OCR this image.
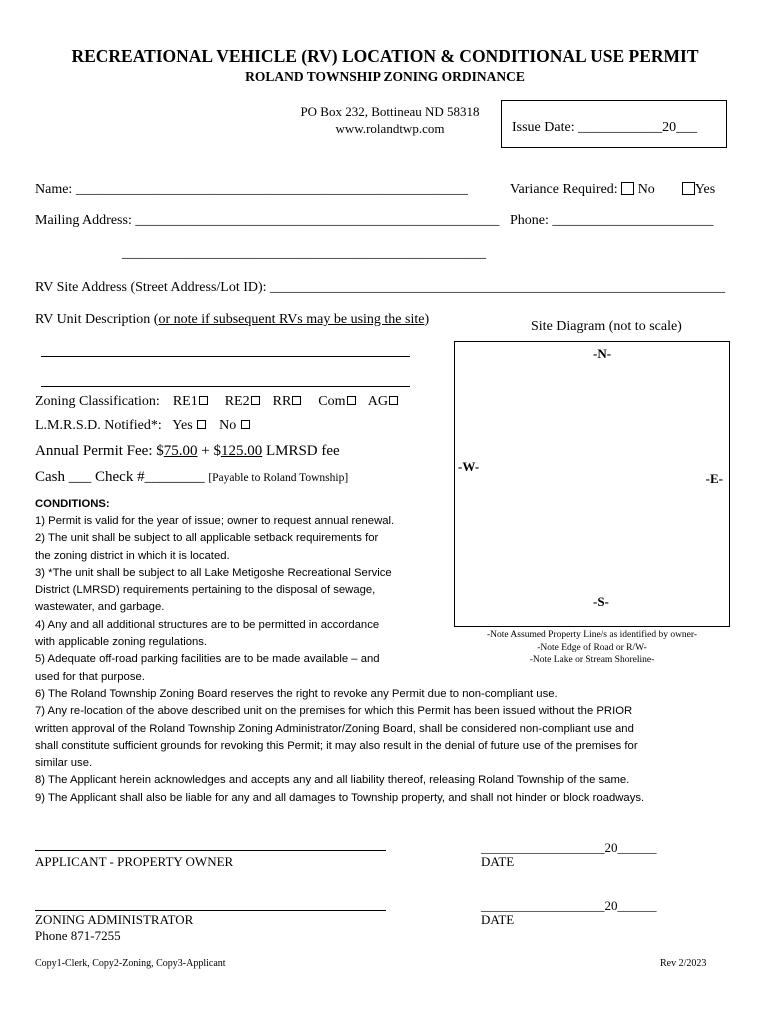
RECREATIONAL VEHICLE (RV) LOCATION & CONDITIONAL USE PERMIT
ROLAND TOWNSHIP ZONING ORDINANCE
PO Box 232, Bottineau ND 58318
www.rolandtwp.com	Issue Date: ____________20___
Name: ________________________________________________________
Mailing Address: ____________________________________________________
____________________________________________________
Variance Required: No	Yes
Phone: _______________________
RV Site Address (Street Address/Lot ID): _________________________________________________________________
RV Unit Description (or note if subsequent RVs may be using the site)
Zoning Classification: RE1 RE2 RR Com AG
L.M.R.S.D. Notified*: Yes No
Annual Permit Fee: $75.00 + $125.00 LMRSD fee
Cash ___ Check #________ [Payable to Roland Township]
Site Diagram (not to scale)
-N-
-W-
-E-
-S-
-Note Assumed Property Line/s as identified by owner-
-Note Edge of Road or R/W-
-Note Lake or Stream Shoreline-
CONDITIONS:
1) Permit is valid for the year of issue; owner to request annual renewal.
2) The unit shall be subject to all applicable setback requirements for
the zoning district in which it is located.
3) *The unit shall be subject to all Lake Metigoshe Recreational Service
District (LMRSD) requirements pertaining to the disposal of sewage,
wastewater, and garbage.
4) Any and all additional structures are to be permitted in accordance
with applicable zoning regulations.
5) Adequate off-road parking facilities are to be made available – and
used for that purpose.
6) The Roland Township Zoning Board reserves the right to revoke any Permit due to non-compliant use.
7) Any re-location of the above described unit on the premises for which this Permit has been issued without the PRIOR
written approval of the Roland Township Zoning Administrator/Zoning Board, shall be considered non-compliant use and
shall constitute sufficient grounds for revoking this Permit; it may also result in the denial of future use of the premises for
similar use.
8) The Applicant herein acknowledges and accepts any and all liability thereof, releasing Roland Township of the same.
9) The Applicant shall also be liable for any and all damages to Township property, and shall not hinder or block roadways.
APPLICANT - PROPERTY OWNER
___________________20______
DATE
ZONING ADMINISTRATOR
Phone 871-7255
___________________20______
DATE
Copy1-Clerk, Copy2-Zoning, Copy3-Applicant	Rev 2/2023
